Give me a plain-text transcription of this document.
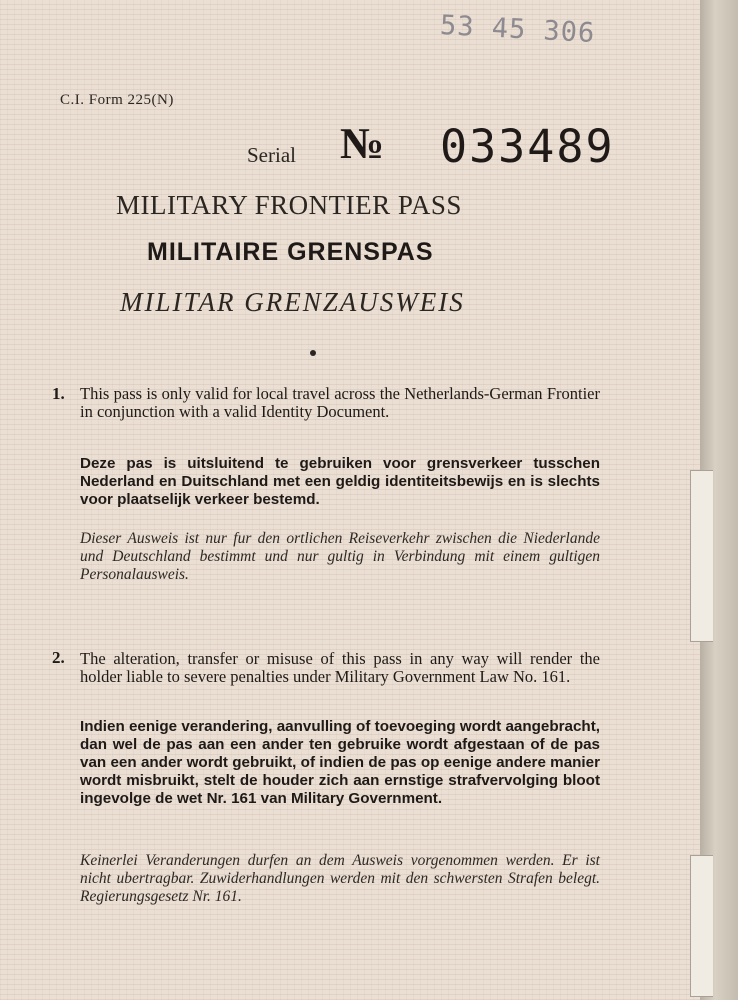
53 45 306
C.I. Form 225(N)
Serial № 033489
MILITARY FRONTIER PASS
MILITAIRE GRENSPAS
MILITAR GRENZAUSWEIS
1. This pass is only valid for local travel across the Netherlands-German Frontier in conjunction with a valid Identity Document.

Deze pas is uitsluitend te gebruiken voor grensverkeer tusschen Nederland en Duitschland met een geldig identiteitsbewijs en is slechts voor plaatselijk verkeer bestemd.

Dieser Ausweis ist nur fur den ortlichen Reiseverkehr zwischen die Niederlande und Deutschland bestimmt und nur gultig in Verbindung mit einem gultigen Personalausweis.

2. The alteration, transfer or misuse of this pass in any way will render the holder liable to severe penalties under Military Government Law No. 161.

Indien eenige verandering, aanvulling of toevoeging wordt aangebracht, dan wel de pas aan een ander ten gebruike wordt afgestaan of de pas van een ander wordt gebruikt, of indien de pas op eenige andere manier wordt misbruikt, stelt de houder zich aan ernstige strafvervolging bloot ingevolge de wet Nr. 161 van Military Government.

Keinerlei Veranderungen durfen an dem Ausweis vorgenommen werden. Er ist nicht ubertragbar. Zuwiderhandlungen werden mit den schwersten Strafen belegt. Regierungsgesetz Nr. 161.
